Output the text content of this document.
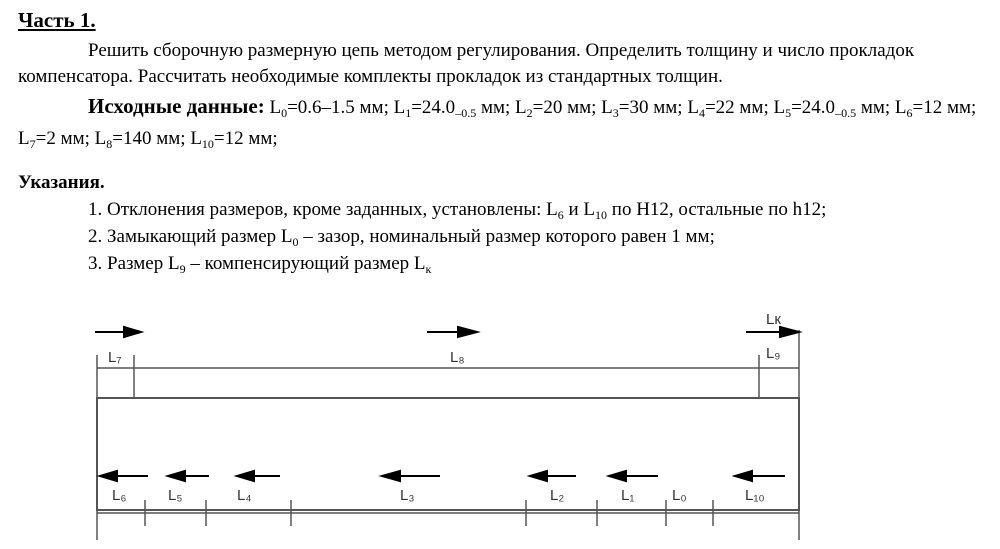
Часть 1.

Решить сборочную размерную цепь методом регулирования. Определить толщину и число прокладок компенсатора. Рассчитать необходимые комплекты прокладок из стандартных толщин.

Исходные данные: $L_0=0.6-1.5$ мм; $L_1=24.0_{-0.5}$ мм; $L_2=20$ мм; $L_3=30$ мм; $L_4=22$ мм; $L_5=24.0_{-0.5}$ мм; $L_6=12$ мм; $L_7=2$ мм; $L_8=140$ мм; $L_{10}=12$ мм;

Указания.

1. Отклонения размеров, кроме заданных, установлены: $L_6$ и $L_{10}$ по H12, остальные по h12;

2. Замыкающий размер $L_0$ – зазор, номинальный размер которого равен 1 мм;

3. Размер $L_9$ – компенсирующий размер $L_к$

L₇	L₈
Lк
L₉
L₆	L₅	L₄	L₃	L₂	L₁	L₀	L₁₀
